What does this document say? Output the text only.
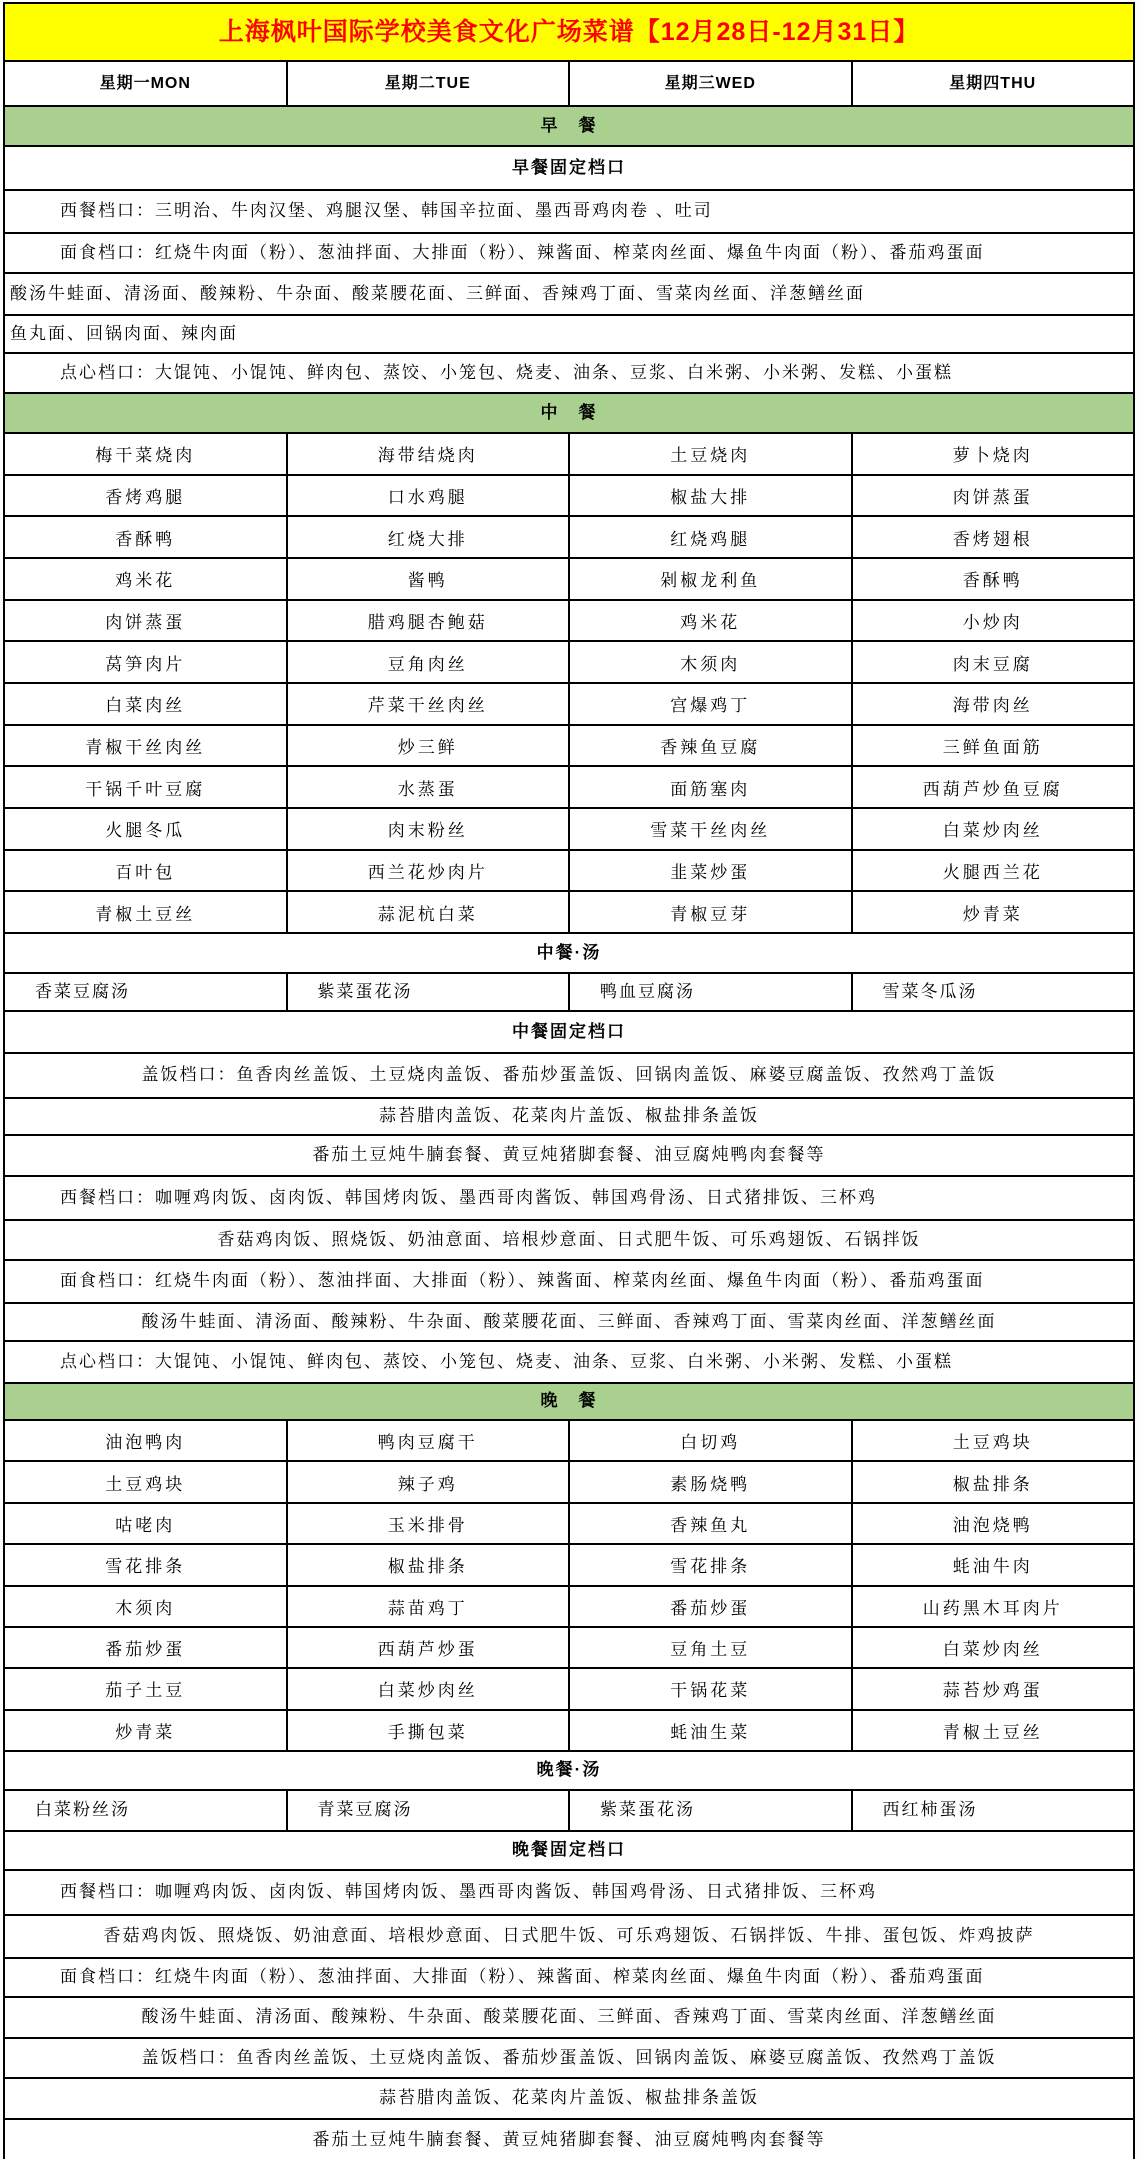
上海枫叶国际学校美食文化广场菜谱【12月28日-12月31日】
星期一MON	星期二TUE	星期三WED	星期四THU
早　餐
早餐固定档口
西餐档口：三明治、牛肉汉堡、鸡腿汉堡、韩国辛拉面、墨西哥鸡肉卷 、吐司
面食档口：红烧牛肉面（粉）、葱油拌面、大排面（粉）、辣酱面、榨菜肉丝面、爆鱼牛肉面（粉）、番茄鸡蛋面
酸汤牛蛙面、清汤面、酸辣粉、牛杂面、酸菜腰花面、三鲜面、香辣鸡丁面、雪菜肉丝面、洋葱鳝丝面
鱼丸面、回锅肉面、辣肉面
点心档口：大馄饨、小馄饨、鲜肉包、蒸饺、小笼包、烧麦、油条、豆浆、白米粥、小米粥、发糕、小蛋糕
中　餐
梅干菜烧肉	海带结烧肉	土豆烧肉	萝卜烧肉
香烤鸡腿	口水鸡腿	椒盐大排	肉饼蒸蛋
香酥鸭	红烧大排	红烧鸡腿	香烤翅根
鸡米花	酱鸭	剁椒龙利鱼	香酥鸭
肉饼蒸蛋	腊鸡腿杏鲍菇	鸡米花	小炒肉
莴笋肉片	豆角肉丝	木须肉	肉末豆腐
白菜肉丝	芹菜干丝肉丝	宫爆鸡丁	海带肉丝
青椒干丝肉丝	炒三鲜	香辣鱼豆腐	三鲜鱼面筋
干锅千叶豆腐	水蒸蛋	面筋塞肉	西葫芦炒鱼豆腐
火腿冬瓜	肉末粉丝	雪菜干丝肉丝	白菜炒肉丝
百叶包	西兰花炒肉片	韭菜炒蛋	火腿西兰花
青椒土豆丝	蒜泥杭白菜	青椒豆芽	炒青菜
中餐·汤
香菜豆腐汤	紫菜蛋花汤	鸭血豆腐汤	雪菜冬瓜汤
中餐固定档口
盖饭档口：鱼香肉丝盖饭、土豆烧肉盖饭、番茄炒蛋盖饭、回锅肉盖饭、麻婆豆腐盖饭、孜然鸡丁盖饭
蒜苔腊肉盖饭、花菜肉片盖饭、椒盐排条盖饭
番茄土豆炖牛腩套餐、黄豆炖猪脚套餐、油豆腐炖鸭肉套餐等
西餐档口：咖喱鸡肉饭、卤肉饭、韩国烤肉饭、墨西哥肉酱饭、韩国鸡骨汤、日式猪排饭、三杯鸡
香菇鸡肉饭、照烧饭、奶油意面、培根炒意面、日式肥牛饭、可乐鸡翅饭、石锅拌饭
面食档口：红烧牛肉面（粉）、葱油拌面、大排面（粉）、辣酱面、榨菜肉丝面、爆鱼牛肉面（粉）、番茄鸡蛋面
酸汤牛蛙面、清汤面、酸辣粉、牛杂面、酸菜腰花面、三鲜面、香辣鸡丁面、雪菜肉丝面、洋葱鳝丝面
点心档口：大馄饨、小馄饨、鲜肉包、蒸饺、小笼包、烧麦、油条、豆浆、白米粥、小米粥、发糕、小蛋糕
晚　餐
油泡鸭肉	鸭肉豆腐干	白切鸡	土豆鸡块
土豆鸡块	辣子鸡	素肠烧鸭	椒盐排条
咕咾肉	玉米排骨	香辣鱼丸	油泡烧鸭
雪花排条	椒盐排条	雪花排条	蚝油牛肉
木须肉	蒜苗鸡丁	番茄炒蛋	山药黑木耳肉片
番茄炒蛋	西葫芦炒蛋	豆角土豆	白菜炒肉丝
茄子土豆	白菜炒肉丝	干锅花菜	蒜苔炒鸡蛋
炒青菜	手撕包菜	蚝油生菜	青椒土豆丝
晚餐·汤
白菜粉丝汤	青菜豆腐汤	紫菜蛋花汤	西红柿蛋汤
晚餐固定档口
西餐档口：咖喱鸡肉饭、卤肉饭、韩国烤肉饭、墨西哥肉酱饭、韩国鸡骨汤、日式猪排饭、三杯鸡
香菇鸡肉饭、照烧饭、奶油意面、培根炒意面、日式肥牛饭、可乐鸡翅饭、石锅拌饭、牛排、蛋包饭、炸鸡披萨
面食档口：红烧牛肉面（粉）、葱油拌面、大排面（粉）、辣酱面、榨菜肉丝面、爆鱼牛肉面（粉）、番茄鸡蛋面
酸汤牛蛙面、清汤面、酸辣粉、牛杂面、酸菜腰花面、三鲜面、香辣鸡丁面、雪菜肉丝面、洋葱鳝丝面
盖饭档口：鱼香肉丝盖饭、土豆烧肉盖饭、番茄炒蛋盖饭、回锅肉盖饭、麻婆豆腐盖饭、孜然鸡丁盖饭
蒜苔腊肉盖饭、花菜肉片盖饭、椒盐排条盖饭
番茄土豆炖牛腩套餐、黄豆炖猪脚套餐、油豆腐炖鸭肉套餐等
